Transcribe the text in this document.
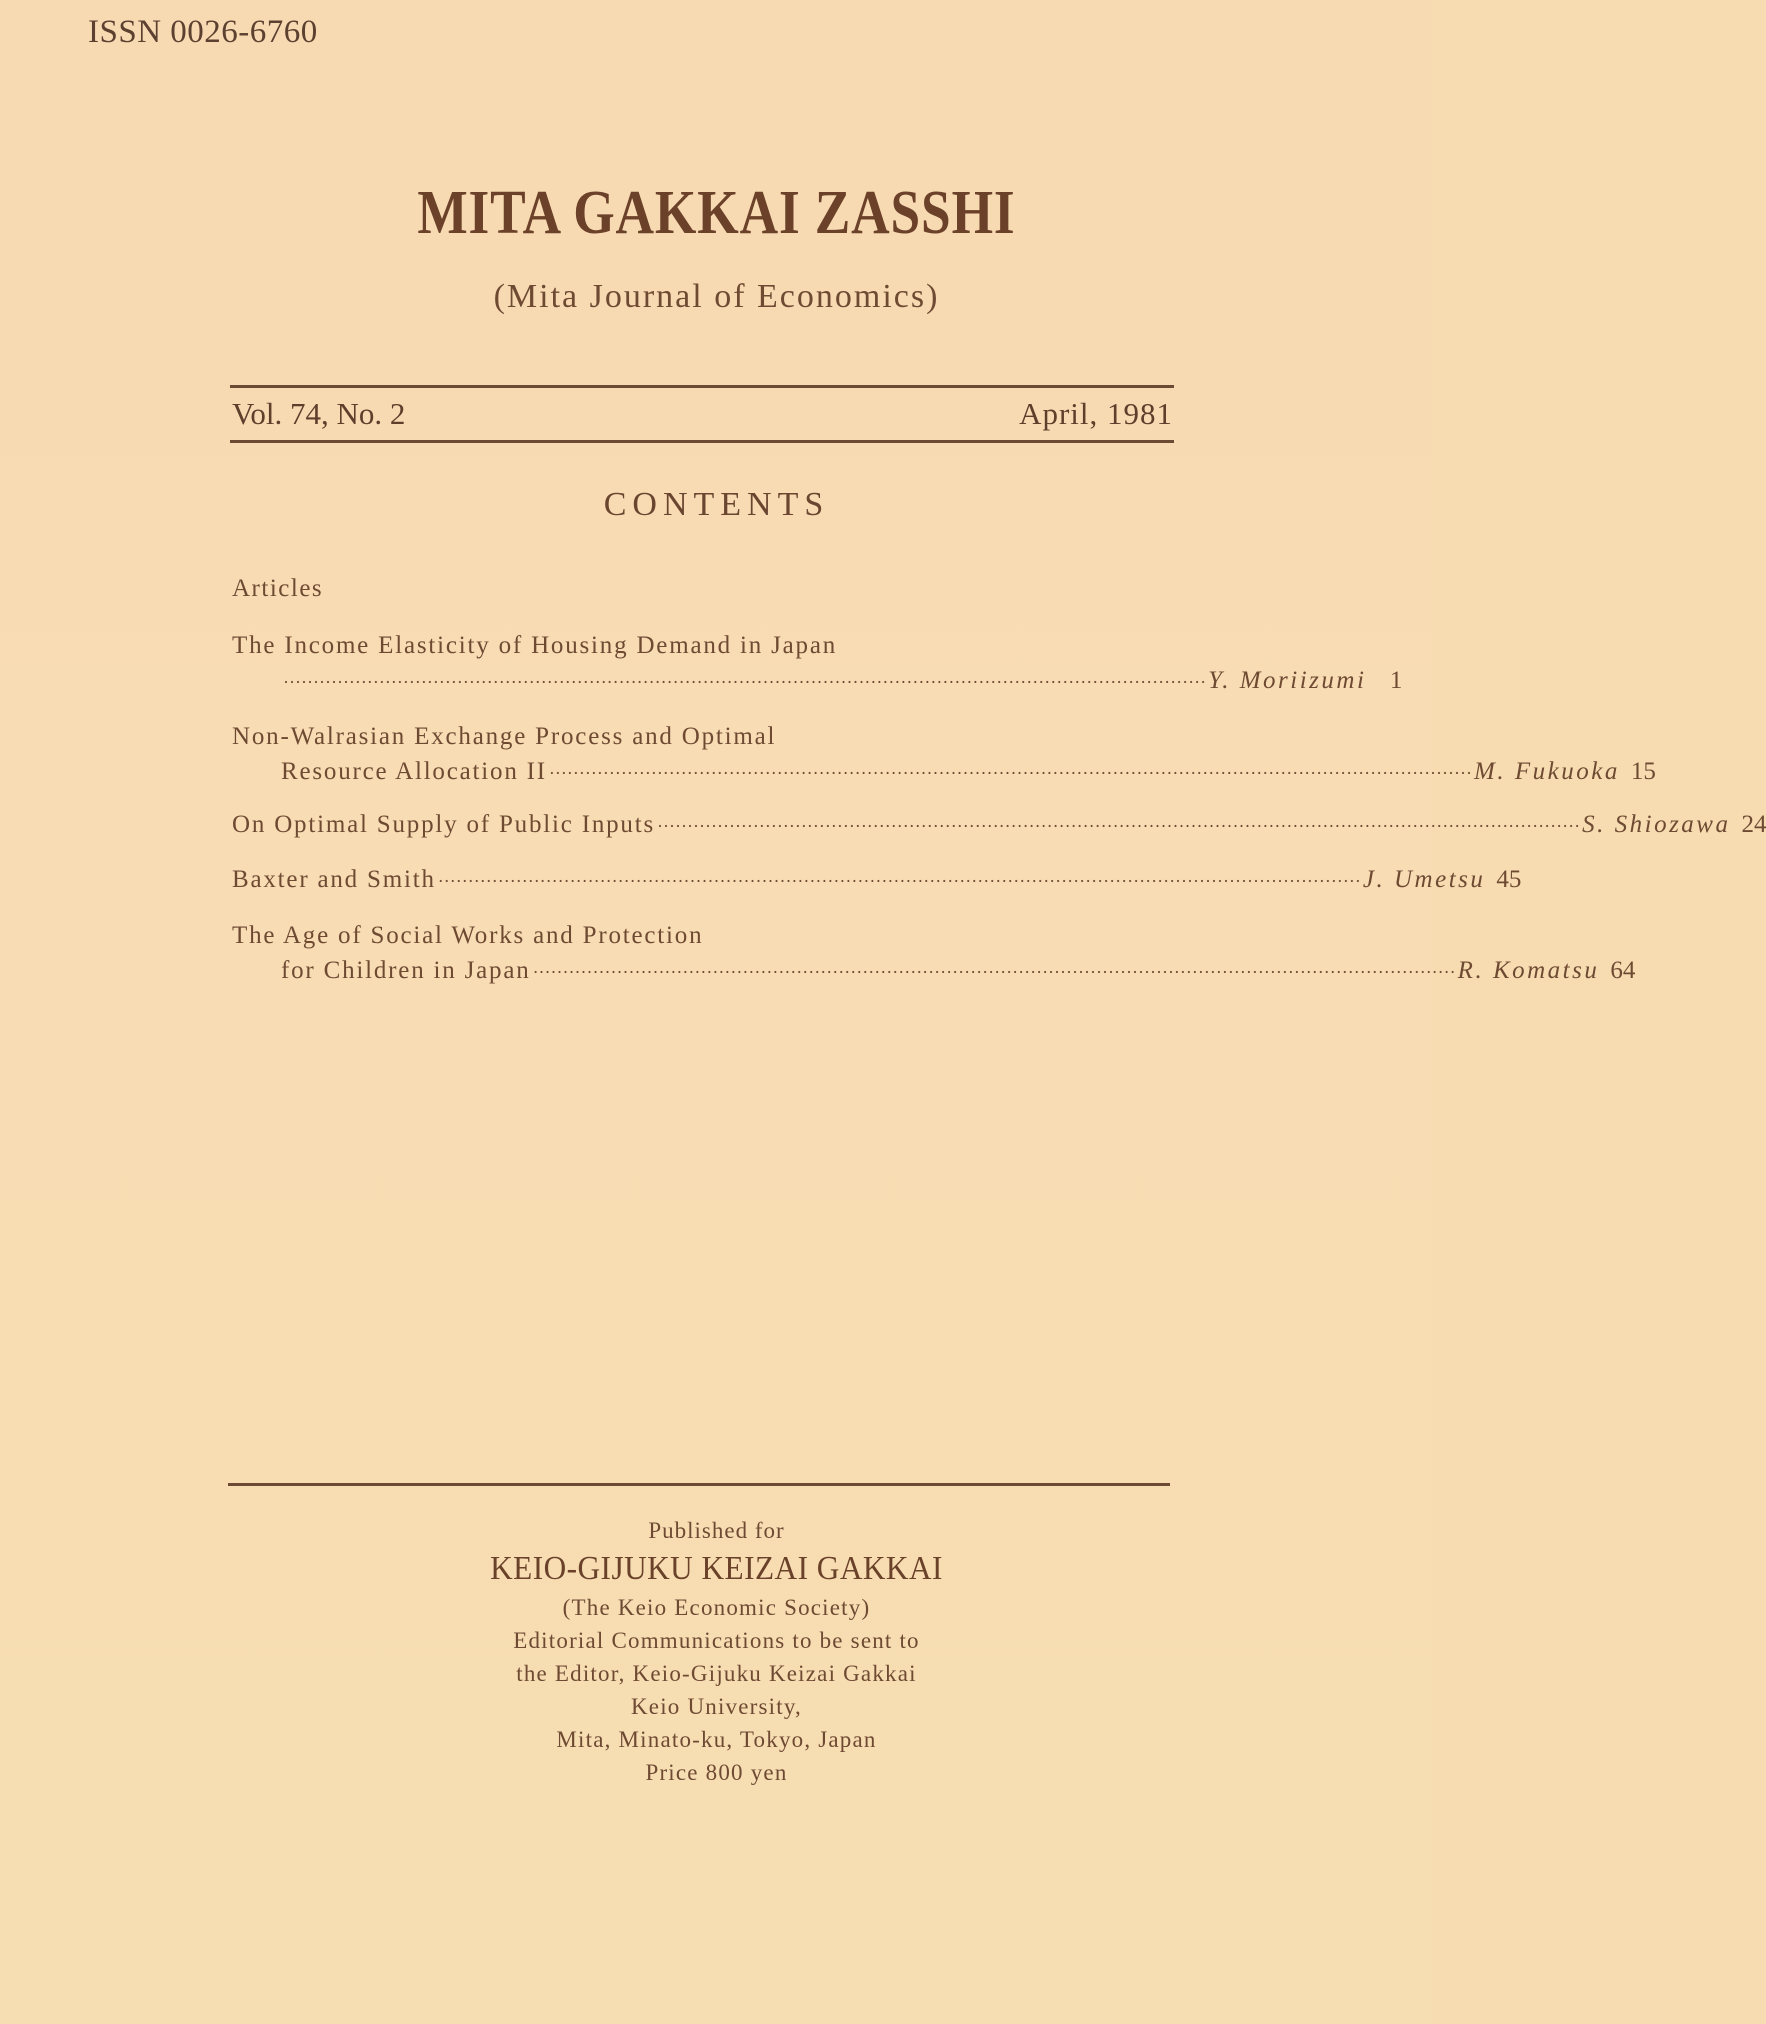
ISSN 0026-6760
MITA GAKKAI ZASSHI
(Mita Journal of Economics)
Vol. 74, No. 2	April, 1981
CONTENTS
Articles
The Income Elasticity of Housing Demand in Japan
·························································································································································· Y. Moriizumi 1
Non-Walrasian Exchange Process and Optimal
Resource Allocation II ·························································································································································· M. Fukuoka 15
On Optimal Supply of Public Inputs ·························································································································································· S. Shiozawa 24
Baxter and Smith ·························································································································································· J. Umetsu 45
The Age of Social Works and Protection
for Children in Japan ·························································································································································· R. Komatsu 64
Published for
KEIO-GIJUKU KEIZAI GAKKAI
(The Keio Economic Society)
Editorial Communications to be sent to
the Editor, Keio-Gijuku Keizai Gakkai
Keio University,
Mita, Minato-ku, Tokyo, Japan
Price 800 yen
